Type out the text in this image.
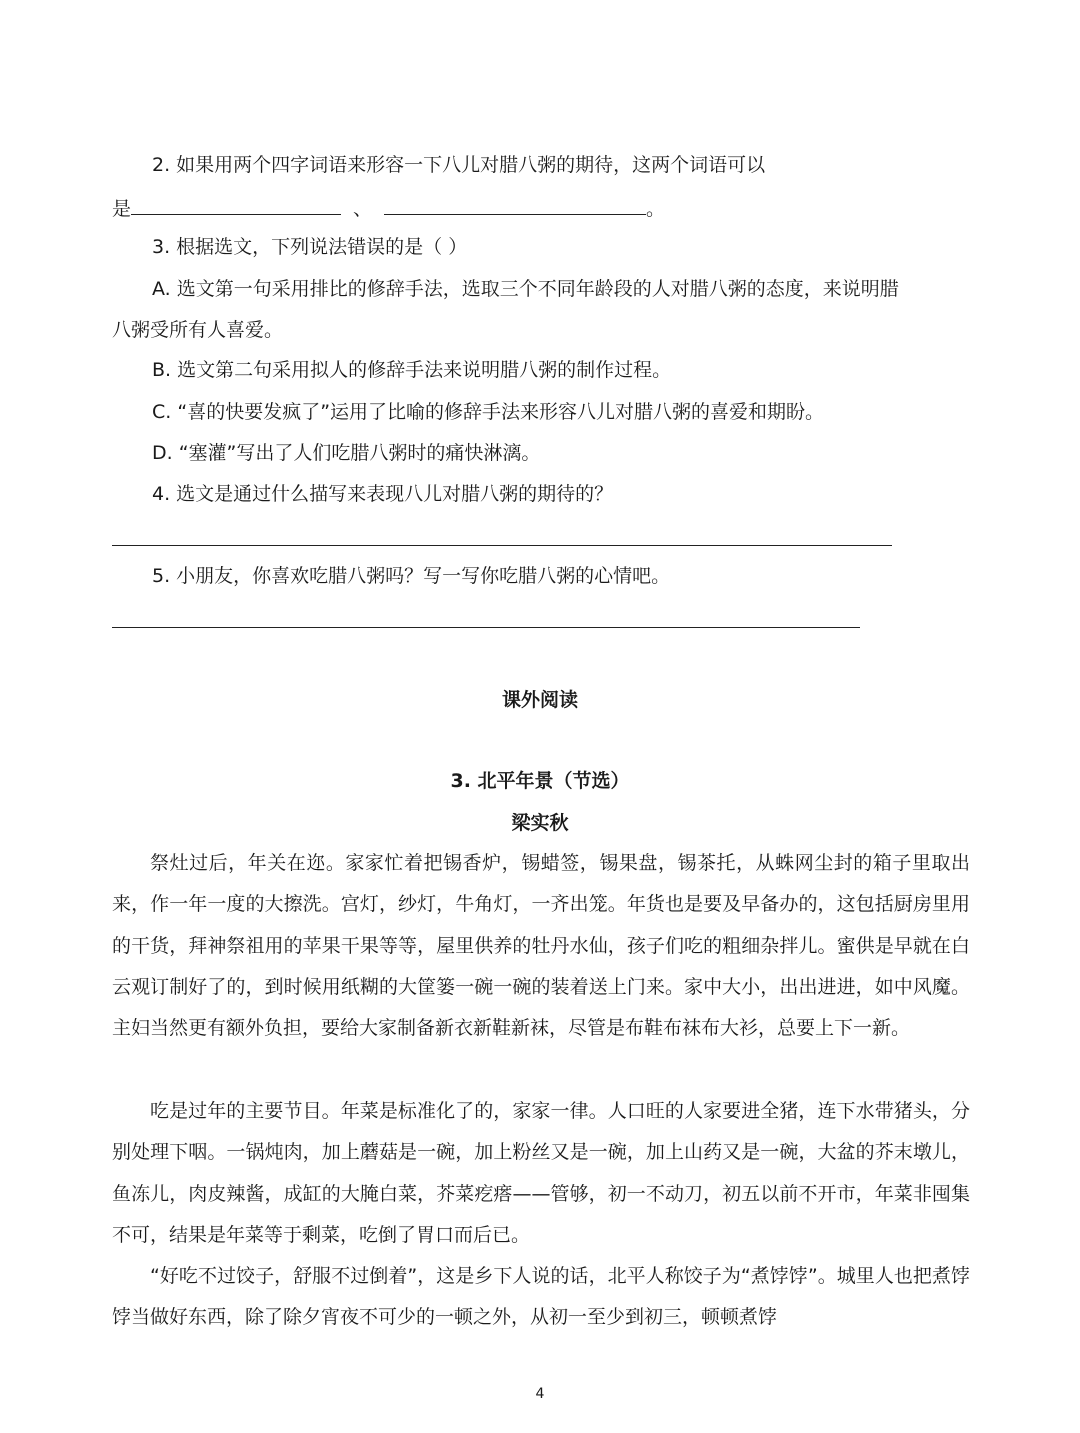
2. 如果用两个四字词语来形容一下八儿对腊八粥的期待，这两个词语可以
是	、	。
3. 根据选文，下列说法错误的是（ ）
A. 选文第一句采用排比的修辞手法，选取三个不同年龄段的人对腊八粥的态度，来说明腊
八粥受所有人喜爱。
B. 选文第二句采用拟人的修辞手法来说明腊八粥的制作过程。
C. “喜的快要发疯了”运用了比喻的修辞手法来形容八儿对腊八粥的喜爱和期盼。
D. “塞灌”写出了人们吃腊八粥时的痛快淋漓。
4. 选文是通过什么描写来表现八儿对腊八粥的期待的？
5. 小朋友，你喜欢吃腊八粥吗？写一写你吃腊八粥的心情吧。
课外阅读
3. 北平年景（节选）
梁实秋
祭灶过后，年关在迩。家家忙着把锡香炉，锡蜡签，锡果盘，锡茶托，从蛛网尘封的箱子里取出来，作一年一度的大擦洗。宫灯，纱灯，牛角灯，一齐出笼。年货也是要及早备办的，这包括厨房里用的干货，拜神祭祖用的苹果干果等等，屋里供养的牡丹水仙，孩子们吃的粗细杂拌儿。蜜供是早就在白云观订制好了的，到时候用纸糊的大筐篓一碗一碗的装着送上门来。家中大小，出出进进，如中风魔。主妇当然更有额外负担，要给大家制备新衣新鞋新袜，尽管是布鞋布袜布大衫，总要上下一新。
吃是过年的主要节目。年菜是标准化了的，家家一律。人口旺的人家要进全猪，连下水带猪头，分别处理下咽。一锅炖肉，加上蘑菇是一碗，加上粉丝又是一碗，加上山药又是一碗，大盆的芥末墩儿，鱼冻儿，肉皮辣酱，成缸的大腌白菜，芥菜疙瘩——管够，初一不动刀，初五以前不开市，年菜非囤集不可，结果是年菜等于剩菜，吃倒了胃口而后已。
“好吃不过饺子，舒服不过倒着”，这是乡下人说的话，北平人称饺子为“煮饽饽”。城里人也把煮饽饽当做好东西，除了除夕宵夜不可少的一顿之外，从初一至少到初三，顿顿煮饽
4
